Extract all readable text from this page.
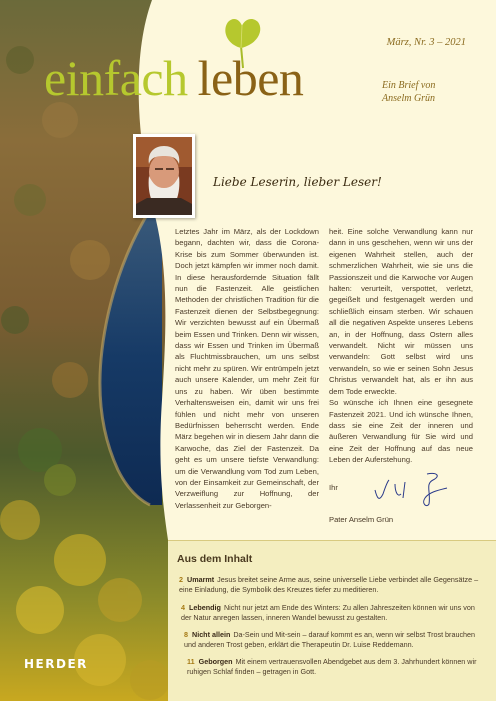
März, Nr. 3 – 2021
einfach leben	Ein Brief von
Anselm Grün
Liebe Leserin, lieber Leser!

Letztes Jahr im März, als der Lockdown begann, dachten wir, dass die Corona-Krise bis zum Sommer überwunden ist. Doch jetzt kämpfen wir immer noch damit. In diese herausfordernde Situation fällt nun die Fastenzeit. Alle geistlichen Methoden der christlichen Tradition für die Fastenzeit dienen der Selbstbegegnung: Wir verzichten bewusst auf ein Übermaß beim Essen und Trinken. Denn wir wissen, dass wir Essen und Trinken im Übermaß als Fluchtmissbrauchen, um uns selbst nicht mehr zu spüren. Wir entrümpeln jetzt auch unsere Kalender, um mehr Zeit für uns zu haben. Wir üben bestimmte Verhaltensweisen ein, damit wir uns frei fühlen und nicht mehr von unseren Bedürfnissen beherrscht werden. Ende März begehen wir in diesem Jahr dann die Karwoche, das Ziel der Fastenzeit. Da geht es um unsere tiefste Verwandlung: um die Verwandlung vom Tod zum Leben, von der Einsamkeit zur Gemeinschaft, der Verzweiflung zur Hoffnung, der Verlassenheit zur Geborgen-

heit. Eine solche Verwandlung kann nur dann in uns geschehen, wenn wir uns der eigenen Wahrheit stellen, auch der schmerzlichen Wahrheit, wie sie uns die Passionszeit und die Karwoche vor Augen halten: verurteilt, verspottet, verletzt, gegeißelt und festgenagelt werden und schließlich einsam sterben. Wir schauen all die negativen Aspekte unseres Lebens an, in der Hoffnung, dass Ostern alles verwandelt. Nicht wir müssen uns verwandeln: Gott selbst wird uns verwandeln, so wie er seinen Sohn Jesus Christus verwandelt hat, als er ihn aus dem Tode erweckte.

So wünsche ich Ihnen eine gesegnete Fastenzeit 2021. Und ich wünsche Ihnen, dass sie eine Zeit der inneren und äußeren Verwandlung für Sie wird und eine Zeit der Hoffnung auf das neue Leben der Auferstehung.

Ihr

Pater Anselm Grün

Aus dem Inhalt
2 Umarmt Jesus breitet seine Arme aus, seine universelle Liebe verbindet alle Gegensätze – eine Einladung, die Symbolik des Kreuzes tiefer zu meditieren.
4 Lebendig Nicht nur jetzt am Ende des Winters: Zu allen Jahreszeiten können wir uns von der Natur anregen lassen, inneren Wandel bewusst zu gestalten.
8 Nicht allein Da-Sein und Mit-sein – darauf kommt es an, wenn wir selbst Trost brauchen und anderen Trost geben, erklärt die Therapeutin Dr. Luise Reddemann.
11 Geborgen Mit einem vertrauensvollen Abendgebet aus dem 3. Jahrhundert können wir ruhigen Schlaf finden – getragen in Gott.
HERDER
